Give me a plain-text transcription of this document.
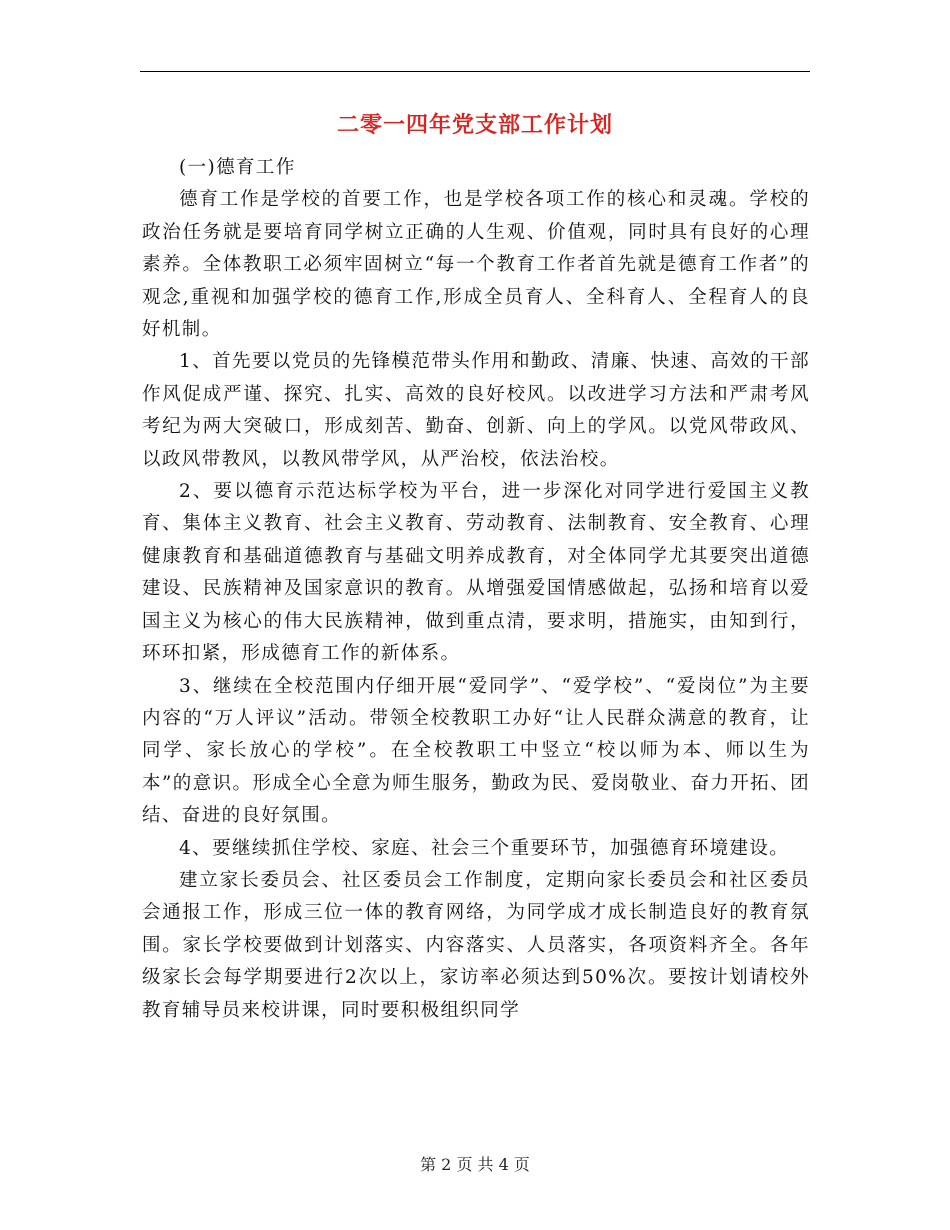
二零一四年党支部工作计划

(一)德育工作

德育工作是学校的首要工作，也是学校各项工作的核心和灵魂。学校的政治任务就是要培育同学树立正确的人生观、价值观，同时具有良好的心理素养。全体教职工必须牢固树立“每一个教育工作者首先就是德育工作者”的观念,重视和加强学校的德育工作,形成全员育人、全科育人、全程育人的良好机制。

1、首先要以党员的先锋模范带头作用和勤政、清廉、快速、高效的干部作风促成严谨、探究、扎实、高效的良好校风。以改进学习方法和严肃考风考纪为两大突破口，形成刻苦、勤奋、创新、向上的学风。以党风带政风、以政风带教风，以教风带学风，从严治校，依法治校。

2、要以德育示范达标学校为平台，进一步深化对同学进行爱国主义教育、集体主义教育、社会主义教育、劳动教育、法制教育、安全教育、心理健康教育和基础道德教育与基础文明养成教育，对全体同学尤其要突出道德建设、民族精神及国家意识的教育。从增强爱国情感做起，弘扬和培育以爱国主义为核心的伟大民族精神，做到重点清，要求明，措施实，由知到行，环环扣紧，形成德育工作的新体系。

3、继续在全校范围内仔细开展“爱同学”、“爱学校”、“爱岗位”为主要内容的“万人评议”活动。带领全校教职工办好“让人民群众满意的教育，让同学、家长放心的学校”。在全校教职工中竖立“校以师为本、师以生为本”的意识。形成全心全意为师生服务，勤政为民、爱岗敬业、奋力开拓、团结、奋进的良好氛围。

4、要继续抓住学校、家庭、社会三个重要环节，加强德育环境建设。

建立家长委员会、社区委员会工作制度，定期向家长委员会和社区委员会通报工作，形成三位一体的教育网络，为同学成才成长制造良好的教育氛围。家长学校要做到计划落实、内容落实、人员落实，各项资料齐全。各年级家长会每学期要进行2次以上，家访率必须达到50%次。要按计划请校外教育辅导员来校讲课，同时要积极组织同学

第 2 页 共 4 页
